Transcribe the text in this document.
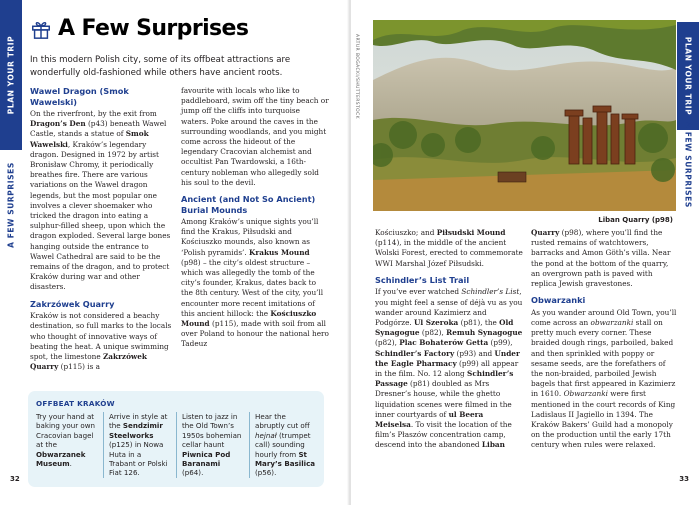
PLAN YOUR TRIP
A FEW SURPRISES
A Few Surprises

In this modern Polish city, some of its offbeat attractions are wonderfully old-fashioned while others have ancient roots.

Wawel Dragon (Smok Wawelski)

On the riverfront, by the exit from Dragon’s Den (p43) beneath Wawel Castle, stands a statue of Smok Wawelski, Kraków’s legendary dragon. Designed in 1972 by artist Bronisław Chromy, it periodically breathes fire. There are various variations on the Wawel dragon legends, but the most popular one involves a clever shoemaker who tricked the dragon into eating a sulphur-filled sheep, upon which the dragon exploded. Several large bones hanging outside the entrance to Wawel Cathedral are said to be the remains of the dragon, and to protect Kraków during war and other disasters.

Zakrzówek Quarry

Kraków is not considered a beachy destination, so full marks to the locals who thought of innovative ways of beating the heat. A unique swimming spot, the limestone Zakrzówek Quarry (p115) is a

favourite with locals who like to paddleboard, swim off the tiny beach or jump off the cliffs into turquoise waters. Poke around the caves in the surrounding woodlands, and you might come across the hideout of the legendary Cracovian alchemist and occultist Pan Twardowski, a 16th-century nobleman who allegedly sold his soul to the devil.

Ancient (and Not So Ancient) Burial Mounds

Among Kraków’s unique sights you’ll find the Krakus, Piłsudski and Kościuszko mounds, also known as ‘Polish pyramids’. Krakus Mound (p98) – the city’s oldest structure – which was allegedly the tomb of the city’s founder, Krakus, dates back to the 8th century. West of the city, you’ll encounter more recent imitations of this ancient hillock: the Kościuszko Mound (p115), made with soil from all over Poland to honour the national hero Tadeuz

OFFBEAT KRAKÓW
Try your hand at baking your own Cracovian bagel at the Obwarzanek Museum.
Arrive in style at the Sendzimir Steelworks (p125) in Nowa Huta in a Trabant or Polski Fiat 126.
Listen to jazz in the Old Town’s 1950s bohemian cellar haunt Piwnica Pod Baranami (p64).
Hear the abruptly cut off hejnał (trumpet call) sounding hourly from St Mary’s Basilica (p56).
32
PLAN YOUR TRIP
A FEW SURPRISES
ARTUR BOGACKI/SHUTTERSTOCK
Liban Quarry (p98)

Kościuszko; and Piłsudski Mound (p114), in the middle of the ancient Wolski Forest, erected to commemorate WWI Marshal Józef Piłsudski.

Schindler’s List Trail

If you’ve ever watched Schindler’s List, you might feel a sense of déjà vu as you wander around Kazimierz and Podgórze. Ul Szeroka (p81), the Old Synagogue (p82), Remuh Synagogue (p82), Plac Bohaterów Getta (p99), Schindler’s Factory (p93) and Under the Eagle Pharmacy (p99) all appear in the film. No. 12 along Schindler’s Passage (p81) doubled as Mrs Dresner’s house, while the ghetto liquidation scenes were filmed in the inner courtyards of ul Beera Meiselsa. To visit the location of the film’s Płaszów concentration camp, descend into the abandoned Liban

Quarry (p98), where you’ll find the rusted remains of watchtowers, barracks and Amon Göth’s villa. Near the pond at the bottom of the quarry, an overgrown path is paved with replica Jewish gravestones.

Obwarzanki

As you wander around Old Town, you’ll come across an obwarzanki stall on pretty much every corner. These braided dough rings, parboiled, baked and then sprinkled with poppy or sesame seeds, are the forefathers of the non-braided, parboiled Jewish bagels that first appeared in Kazimierz in 1610. Obwarzanki were first mentioned in the court records of King Ladislaus II Jagiello in 1394. The Kraków Bakers’ Guild had a monopoly on the production until the early 17th century when rules were relaxed.

33
